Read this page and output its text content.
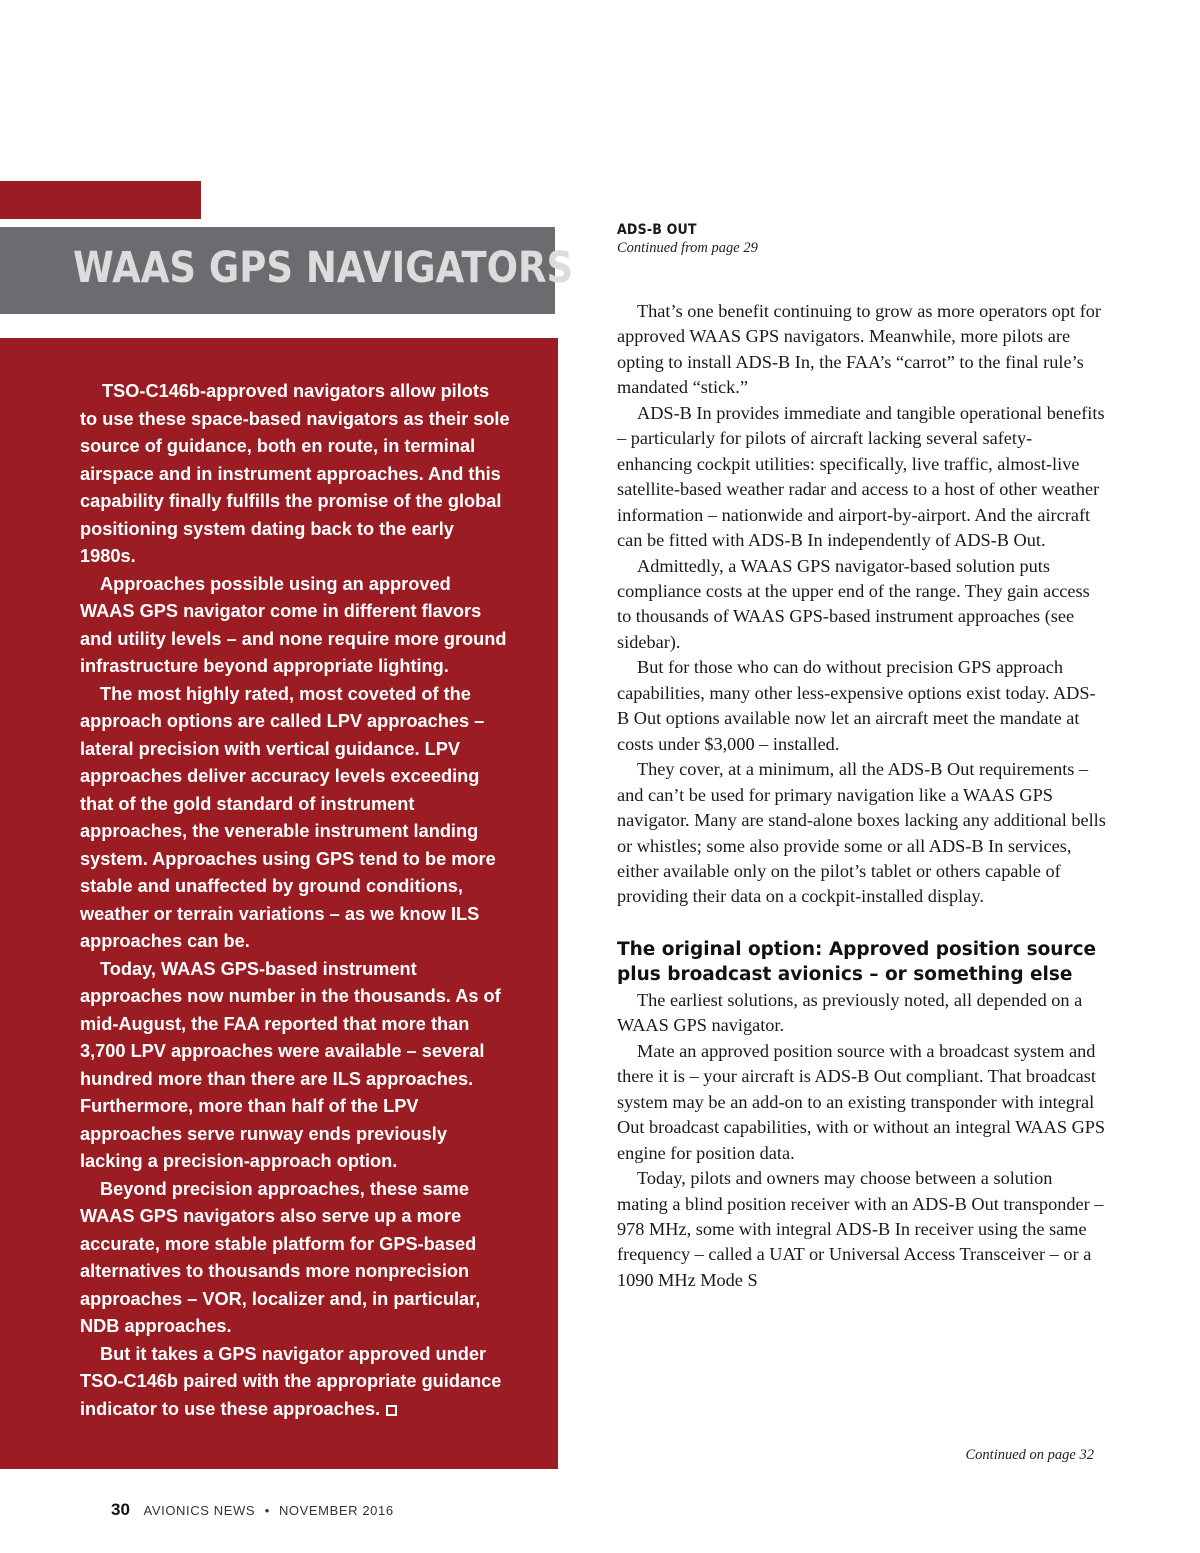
WAAS GPS NAVIGATORS

TSO-C146b-approved navigators allow pilots to use these space-based navigators as their sole source of guidance, both en route, in terminal airspace and in instrument approaches. And this capability finally fulfills the promise of the global positioning system dating back to the early 1980s.

Approaches possible using an approved WAAS GPS navigator come in different flavors and utility levels – and none require more ground infrastructure beyond appropriate lighting.

The most highly rated, most coveted of the approach options are called LPV approaches – lateral precision with vertical guidance. LPV approaches deliver accuracy levels exceeding that of the gold standard of instrument approaches, the venerable instrument landing system. Approaches using GPS tend to be more stable and unaffected by ground conditions, weather or terrain variations – as we know ILS approaches can be.

Today, WAAS GPS-based instrument approaches now number in the thousands. As of mid-August, the FAA reported that more than 3,700 LPV approaches were available – several hundred more than there are ILS approaches. Furthermore, more than half of the LPV approaches serve runway ends previously lacking a precision-approach option.

Beyond precision approaches, these same WAAS GPS navigators also serve up a more accurate, more stable platform for GPS-based alternatives to thousands more nonprecision approaches – VOR, localizer and, in particular, NDB approaches.

But it takes a GPS navigator approved under TSO-C146b paired with the appropriate guidance indicator to use these approaches.

ADS-B OUT
Continued from page 29

That’s one benefit continuing to grow as more operators opt for approved WAAS GPS navigators. Meanwhile, more pilots are opting to install ADS-B In, the FAA’s “carrot” to the final rule’s mandated “stick.”

ADS-B In provides immediate and tangible operational benefits – particularly for pilots of aircraft lacking several safety-enhancing cockpit utilities: specifically, live traffic, almost-live satellite-based weather radar and access to a host of other weather information – nationwide and airport-by-airport. And the aircraft can be fitted with ADS-B In independently of ADS-B Out.

Admittedly, a WAAS GPS navigator-based solution puts compliance costs at the upper end of the range. They gain access to thousands of WAAS GPS-based instrument approaches (see sidebar).

But for those who can do without precision GPS approach capabilities, many other less-expensive options exist today. ADS-B Out options available now let an aircraft meet the mandate at costs under $3,000 – installed.

They cover, at a minimum, all the ADS-B Out requirements – and can’t be used for primary navigation like a WAAS GPS navigator. Many are stand-alone boxes lacking any additional bells or whistles; some also provide some or all ADS-B In services, either available only on the pilot’s tablet or others capable of providing their data on a cockpit-installed display.

The original option: Approved position source plus broadcast avionics – or something else

The earliest solutions, as previously noted, all depended on a WAAS GPS navigator.

Mate an approved position source with a broadcast system and there it is – your aircraft is ADS-B Out compliant. That broadcast system may be an add-on to an existing transponder with integral Out broadcast capabilities, with or without an integral WAAS GPS engine for position data.

Today, pilots and owners may choose between a solution mating a blind position receiver with an ADS-B Out transponder – 978 MHz, some with integral ADS-B In receiver using the same frequency – called a UAT or Universal Access Transceiver – or a 1090 MHz Mode S

Continued on page 32
30 AVIONICS NEWS • NOVEMBER 2016
